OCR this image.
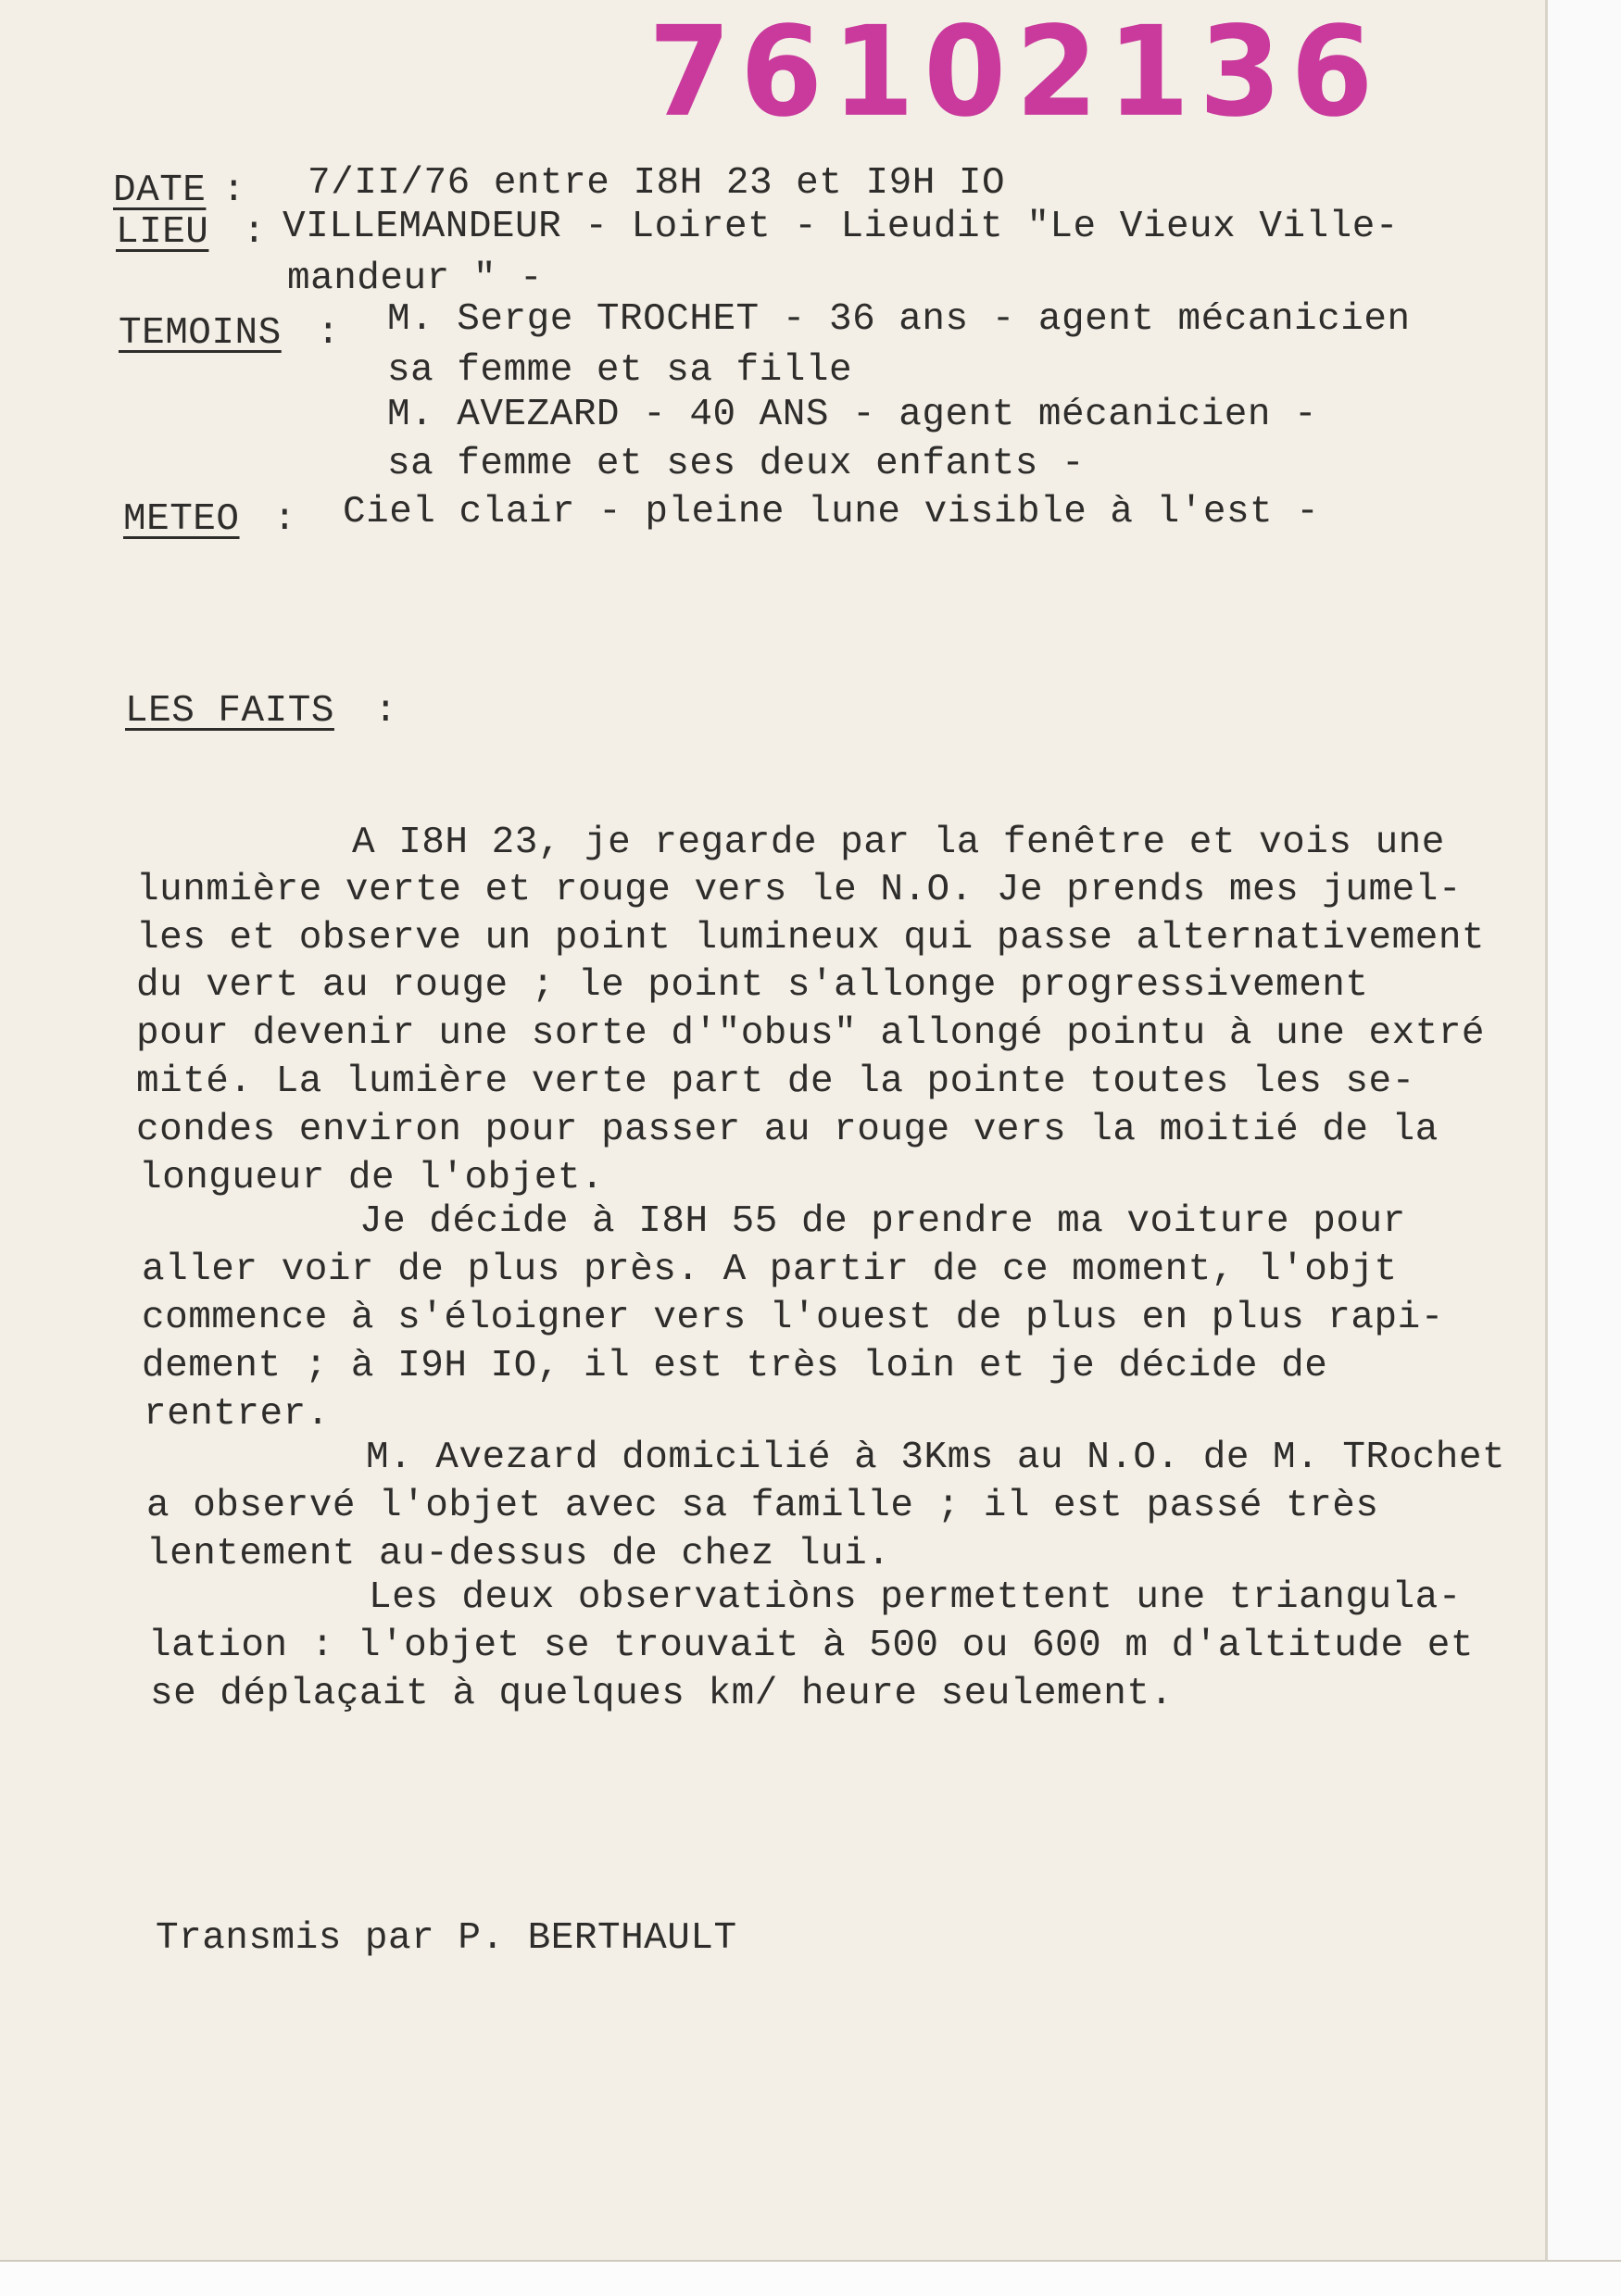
76102136
DATE : 7/II/76 entre I8H 23 et I9H IO
LIEU : VILLEMANDEUR - Loiret - Lieudit "Le Vieux Ville-
mandeur " -
TEMOINS : M. Serge TROCHET - 36 ans - agent mécanicien
sa femme et sa fille
M. AVEZARD - 40 ANS - agent mécanicien -
sa femme et ses deux enfants -
METEO : Ciel clair - pleine lune visible à l'est -
LES FAITS :
A I8H 23, je regarde par la fenêtre et vois une
lunmière verte et rouge vers le N.O. Je prends mes jumel-
les et observe un point lumineux qui passe alternativement
du vert au rouge ; le point s'allonge progressivement
pour devenir une sorte d'"obus" allongé pointu à une extré
mité. La lumière verte part de la pointe toutes les se-
condes environ pour passer au rouge vers la moitié de la
longueur de l'objet.
Je décide à I8H 55 de prendre ma voiture pour
aller voir de plus près. A partir de ce moment, l'objt
commence à s'éloigner vers l'ouest de plus en plus rapi-
dement ; à I9H IO, il est très loin et je décide de
rentrer.
M. Avezard domicilié à 3Kms au N.O. de M. TRochet
a observé l'objet avec sa famille ; il est passé très
lentement au-dessus de chez lui.
Les deux observatiòns permettent une triangula-
lation : l'objet se trouvait à 500 ou 600 m d'altitude et
se déplaçait à quelques km/ heure seulement.
Transmis par P. BERTHAULT
